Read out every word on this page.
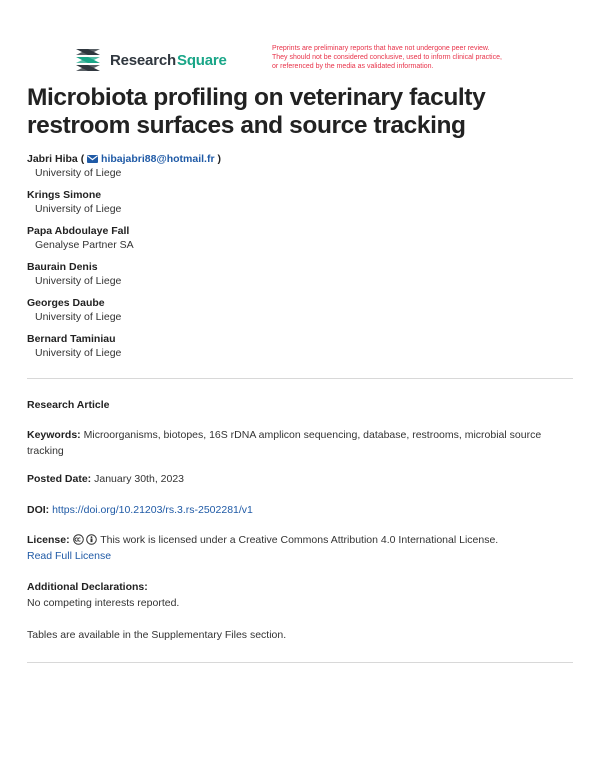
Research Square
Preprints are preliminary reports that have not undergone peer review.
They should not be considered conclusive, used to inform clinical practice,
or referenced by the media as validated information.
Microbiota profiling on veterinary faculty restroom surfaces and source tracking
Jabri Hiba (  hibajabri88@hotmail.fr )
University of Liege
Krings Simone
University of Liege
Papa Abdoulaye Fall
Genalyse Partner SA
Baurain Denis
University of Liege
Georges Daube
University of Liege
Bernard Taminiau
University of Liege
Research Article
Keywords: Microorganisms, biotopes, 16S rDNA amplicon sequencing, database, restrooms, microbial source tracking
Posted Date: January 30th, 2023
DOI: https://doi.org/10.21203/rs.3.rs-2502281/v1
License:	This work is licensed under a Creative Commons Attribution 4.0 International License.
Read Full License
Additional Declarations:
No competing interests reported.
Tables are available in the Supplementary Files section.
